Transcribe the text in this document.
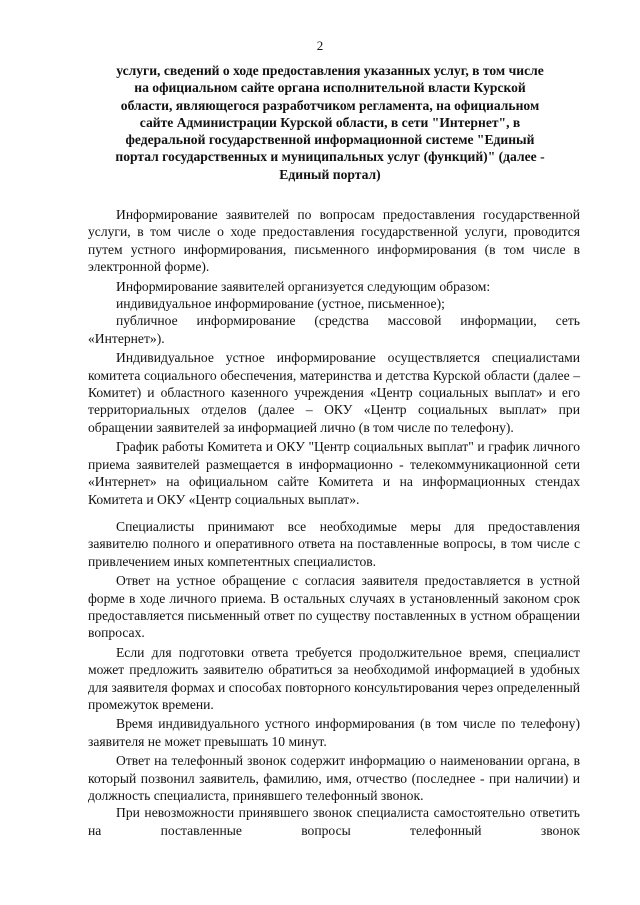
2
услуги, сведений о ходе предоставления указанных услуг, в том числе
на официальном сайте органа исполнительной власти Курской
области, являющегося разработчиком регламента, на официальном
сайте Администрации Курской области, в сети "Интернет", в
федеральной государственной информационной системе "Единый
портал государственных и муниципальных услуг (функций)" (далее -
Единый портал)

Информирование заявителей по вопросам предоставления государственной услуги, в том числе о ходе предоставления государственной услуги, проводится путем устного информирования, письменного информирования (в том числе в электронной форме).

Информирование заявителей организуется следующим образом:

индивидуальное информирование (устное, письменное);

публичное информирование (средства массовой информации, сеть «Интернет»).

Индивидуальное устное информирование осуществляется специалистами комитета социального обеспечения, материнства и детства Курской области (далее – Комитет) и областного казенного учреждения «Центр социальных выплат» и его территориальных отделов (далее – ОКУ «Центр социальных выплат» при обращении заявителей за информацией лично (в том числе по телефону).

График работы Комитета и ОКУ "Центр социальных выплат" и график личного приема заявителей размещается в информационно - телекоммуникационной сети «Интернет» на официальном сайте Комитета и на информационных стендах Комитета и ОКУ «Центр социальных выплат».

Специалисты принимают все необходимые меры для предоставления заявителю полного и оперативного ответа на поставленные вопросы, в том числе с привлечением иных компетентных специалистов.

Ответ на устное обращение с согласия заявителя предоставляется в устной форме в ходе личного приема. В остальных случаях в установленный законом срок предоставляется письменный ответ по существу поставленных в устном обращении вопросах.

Если для подготовки ответа требуется продолжительное время, специалист может предложить заявителю обратиться за необходимой информацией в удобных для заявителя формах и способах повторного консультирования через определенный промежуток времени.

Время индивидуального устного информирования (в том числе по телефону) заявителя не может превышать 10 минут.

Ответ на телефонный звонок содержит информацию о наименовании органа, в который позвонил заявитель, фамилию, имя, отчество (последнее - при наличии) и должность специалиста, принявшего телефонный звонок.

При невозможности принявшего звонок специалиста самостоятельно ответить на поставленные вопросы телефонный звонок
